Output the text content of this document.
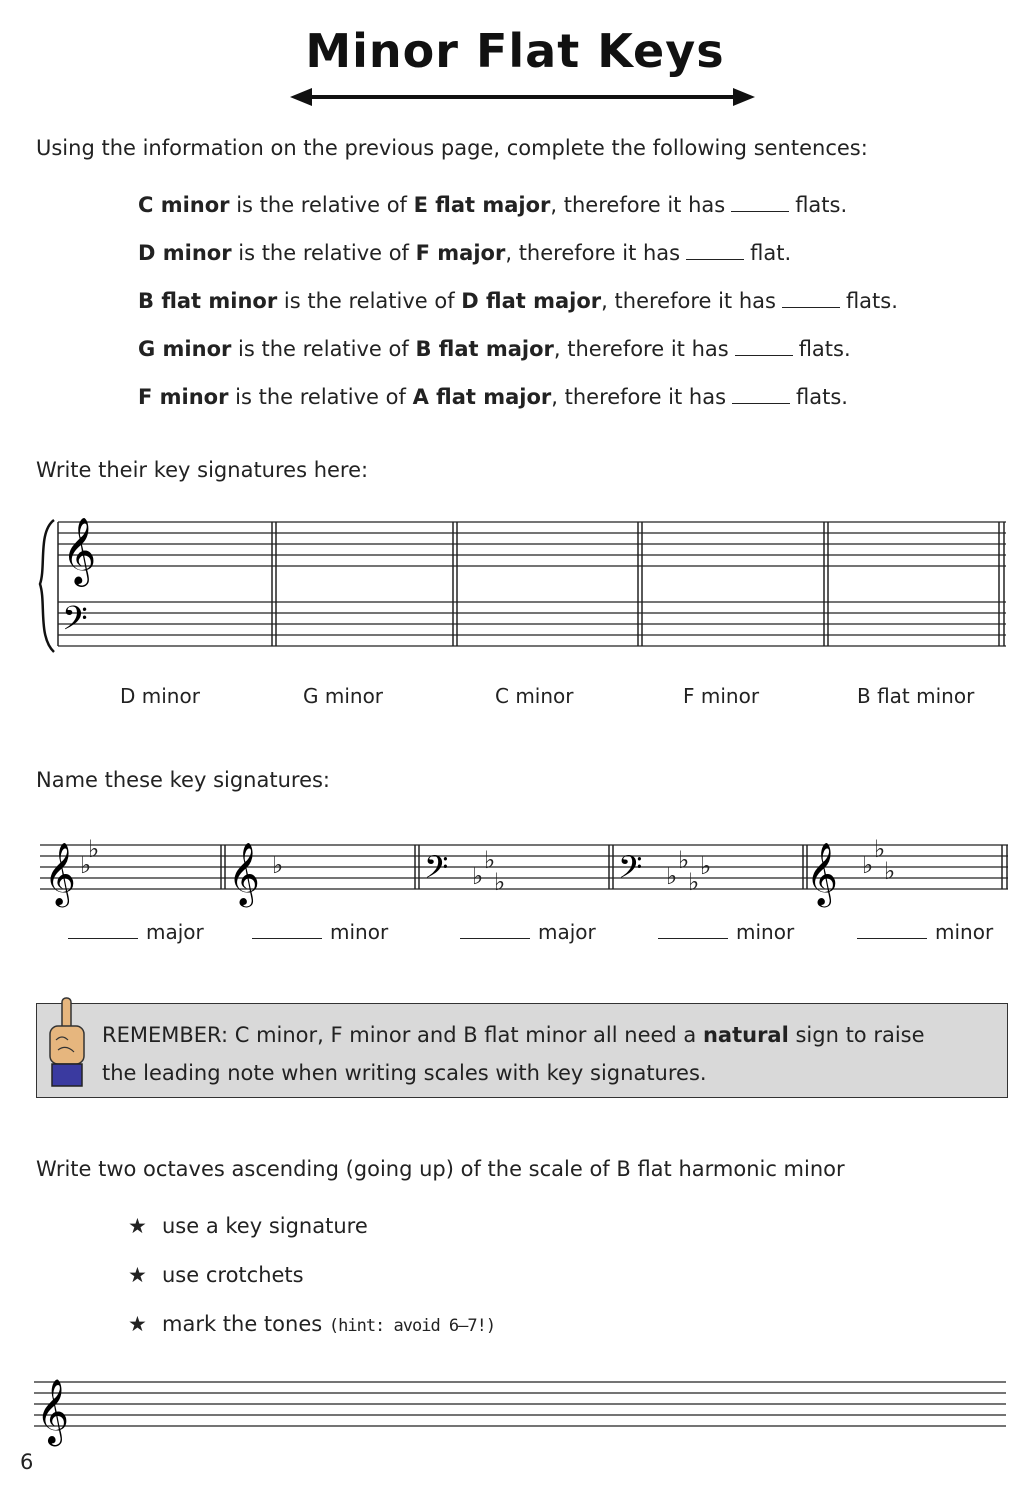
Minor Flat Keys
Using the information on the previous page, complete the following sentences:
C minor is the relative of E flat major, therefore it has	flats.
D minor is the relative of F major, therefore it has	flat.
B flat minor is the relative of D flat major, therefore it has	flats.
G minor is the relative of B flat major, therefore it has	flats.
F minor is the relative of A flat major, therefore it has	flats.
Write their key signatures here:
𝄞
𝄢
D minor	G minor	C minor	F minor	B flat minor
Name these key signatures:
𝄞	𝄞	𝄞
𝄢	𝄢
♭
♭	♭	♭
♭ ♭
♭
♭ ♭
♭
♭
♭ ♭
major	minor	major	minor	minor
REMEMBER: C minor, F minor and B flat minor all need a natural sign to raise
the leading note when writing scales with key signatures.
Write two octaves ascending (going up) of the scale of B flat harmonic minor
★ use a key signature
★ use crotchets
★ mark the tones (hint: avoid 6–7!)
𝄞
6
